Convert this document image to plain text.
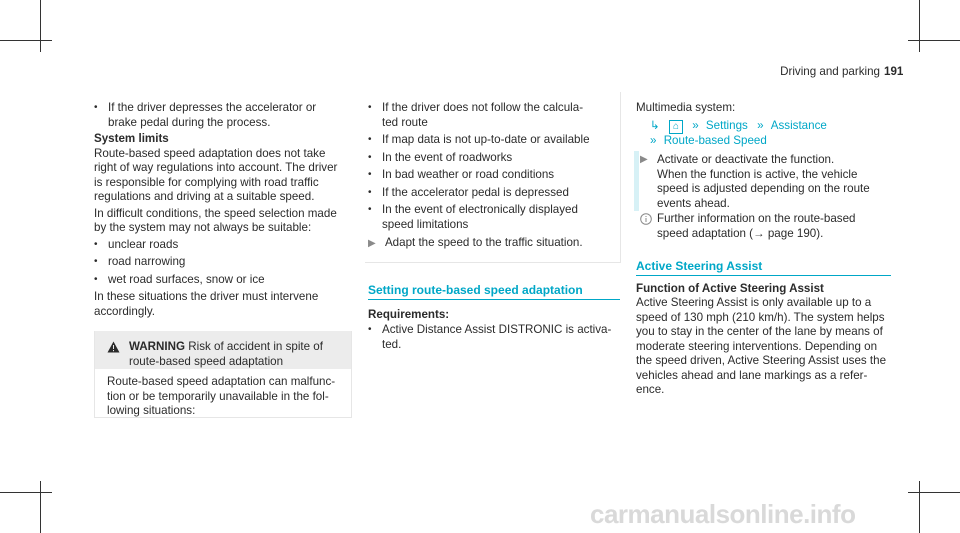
Driving and parking 191
• If the driver depresses the accelerator or
brake pedal during the process.

System limits

Route-based speed adaptation does not take
right of way regulations into account. The driver
is responsible for complying with road traffic
regulations and driving at a suitable speed.

In difficult conditions, the speed selection made
by the system may not always be suitable:

• unclear roads
• road narrowing
• wet road surfaces, snow or ice

In these situations the driver must intervene
accordingly.

WARNING Risk of accident in spite of
route-based speed adaptation
Route-based speed adaptation can malfunc-
tion or be temporarily unavailable in the fol-
lowing situations:
• If the driver does not follow the calcula-
ted route
• If map data is not up-to-date or available
• In the event of roadworks
• In bad weather or road conditions
• If the accelerator pedal is depressed
• In the event of electronically displayed
speed limitations
▶ Adapt the speed to the traffic situation.
Setting route-based speed adaptation
Requirements:
• Active Distance Assist DISTRONIC is activa-
ted.
Multimedia system:
↳ ⌂ » Settings » Assistance
» Route-based Speed
▶ Activate or deactivate the function.
When the function is active, the vehicle
speed is adjusted depending on the route
events ahead.
Further information on the route-based
speed adaptation (→ page 190).
Active Steering Assist
Function of Active Steering Assist
Active Steering Assist is only available up to a
speed of 130 mph (210 km/h). The system helps
you to stay in the center of the lane by means of
moderate steering interventions. Depending on
the speed driven, Active Steering Assist uses the
vehicles ahead and lane markings as a refer-
ence.
carmanualsonline.info
